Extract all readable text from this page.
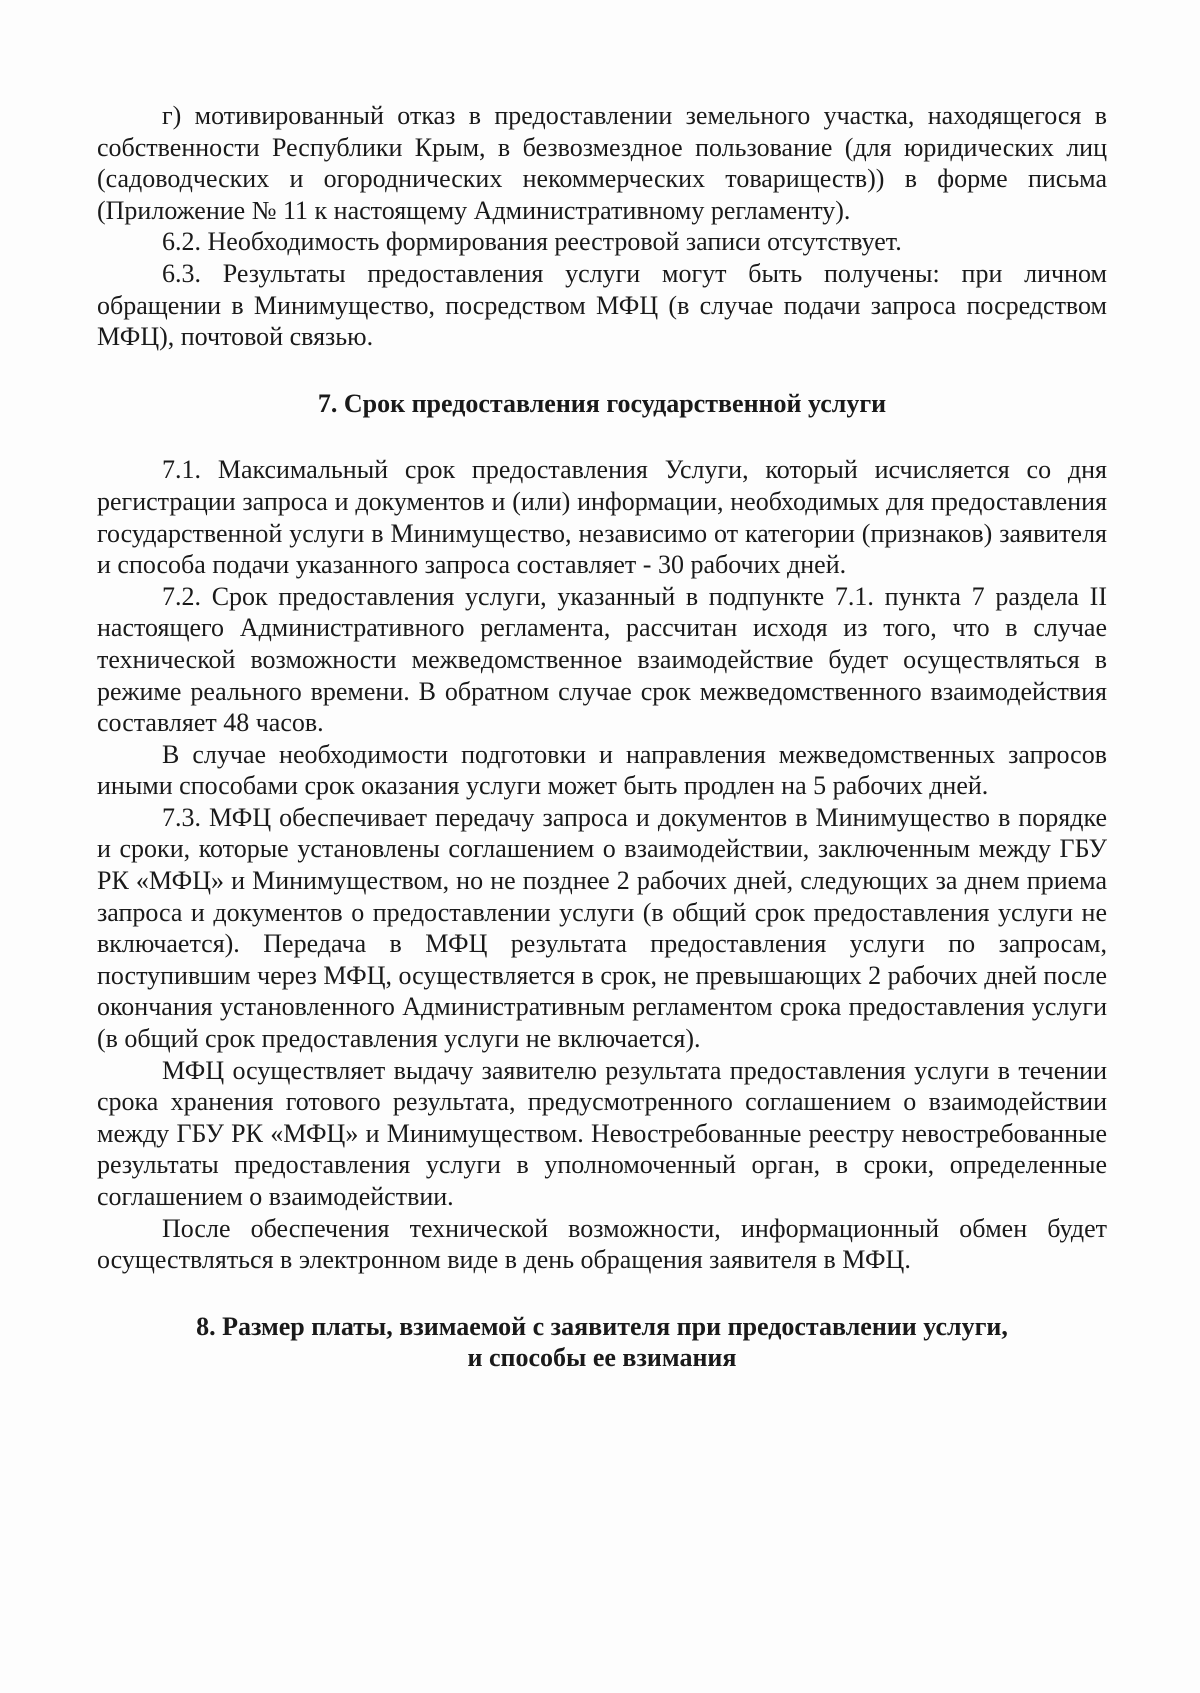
г) мотивированный отказ в предоставлении земельного участка, находящегося в собственности Республики Крым, в безвозмездное пользование (для юридических лиц (садоводческих и огороднических некоммерческих товариществ)) в форме письма (Приложение № 11 к настоящему Административному регламенту).

6.2. Необходимость формирования реестровой записи отсутствует.

6.3. Результаты предоставления услуги могут быть получены: при личном обращении в Минимущество, посредством МФЦ (в случае подачи запроса посредством МФЦ), почтовой связью.

7. Срок предоставления государственной услуги

7.1. Максимальный срок предоставления Услуги, который исчисляется со дня регистрации запроса и документов и (или) информации, необходимых для предоставления государственной услуги в Минимущество, независимо от категории (признаков) заявителя и способа подачи указанного запроса составляет - 30 рабочих дней.

7.2. Срок предоставления услуги, указанный в подпункте 7.1. пункта 7 раздела II настоящего Административного регламента, рассчитан исходя из того, что в случае технической возможности межведомственное взаимодействие будет осуществляться в режиме реального времени. В обратном случае срок межведомственного взаимодействия составляет 48 часов.

В случае необходимости подготовки и направления межведомственных запросов иными способами срок оказания услуги может быть продлен на 5 рабочих дней.

7.3. МФЦ обеспечивает передачу запроса и документов в Минимущество в порядке и сроки, которые установлены соглашением о взаимодействии, заключенным между ГБУ РК «МФЦ» и Минимуществом, но не позднее 2 рабочих дней, следующих за днем приема запроса и документов о предоставлении услуги (в общий срок предоставления услуги не включается). Передача в МФЦ результата предоставления услуги по запросам, поступившим через МФЦ, осуществляется в срок, не превышающих 2 рабочих дней после окончания установленного Административным регламентом срока предоставления услуги (в общий срок предоставления услуги не включается).

МФЦ осуществляет выдачу заявителю результата предоставления услуги в течении срока хранения готового результата, предусмотренного соглашением о взаимодействии между ГБУ РК «МФЦ» и Минимуществом. Невостребованные реестру невостребованные результаты предоставления услуги в уполномоченный орган, в сроки, определенные соглашением о взаимодействии.

После обеспечения технической возможности, информационный обмен будет осуществляться в электронном виде в день обращения заявителя в МФЦ.

8. Размер платы, взимаемой с заявителя при предоставлении услуги,

и способы ее взимания
